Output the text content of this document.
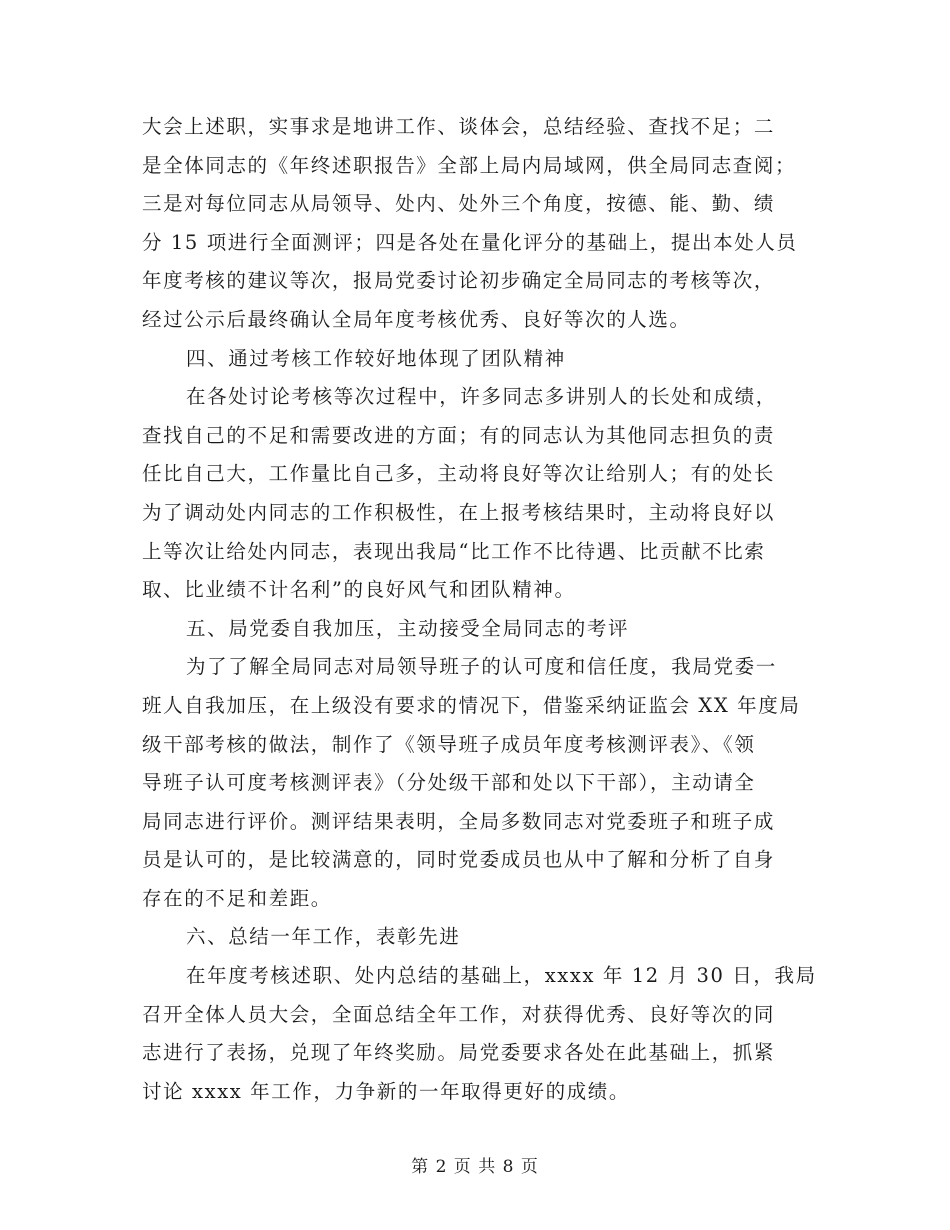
大会上述职，实事求是地讲工作、谈体会，总结经验、查找不足；二
是全体同志的《年终述职报告》全部上局内局域网，供全局同志查阅；
三是对每位同志从局领导、处内、处外三个角度，按德、能、勤、绩
分 15 项进行全面测评；四是各处在量化评分的基础上，提出本处人员
年度考核的建议等次，报局党委讨论初步确定全局同志的考核等次，
经过公示后最终确认全局年度考核优秀、良好等次的人选。
四、通过考核工作较好地体现了团队精神
在各处讨论考核等次过程中，许多同志多讲别人的长处和成绩，
查找自己的不足和需要改进的方面；有的同志认为其他同志担负的责
任比自己大，工作量比自己多，主动将良好等次让给别人；有的处长
为了调动处内同志的工作积极性，在上报考核结果时，主动将良好以
上等次让给处内同志，表现出我局“比工作不比待遇、比贡献不比索
取、比业绩不计名利”的良好风气和团队精神。
五、局党委自我加压，主动接受全局同志的考评
为了了解全局同志对局领导班子的认可度和信任度，我局党委一
班人自我加压，在上级没有要求的情况下，借鉴采纳证监会 XX 年度局
级干部考核的做法，制作了《领导班子成员年度考核测评表》、《领
导班子认可度考核测评表》（分处级干部和处以下干部），主动请全
局同志进行评价。测评结果表明，全局多数同志对党委班子和班子成
员是认可的，是比较满意的，同时党委成员也从中了解和分析了自身
存在的不足和差距。
六、总结一年工作，表彰先进
在年度考核述职、处内总结的基础上，xxxx 年 12 月 30 日，我局
召开全体人员大会，全面总结全年工作，对获得优秀、良好等次的同
志进行了表扬，兑现了年终奖励。局党委要求各处在此基础上，抓紧
讨论 xxxx 年工作，力争新的一年取得更好的成绩。
第 2 页 共 8 页
